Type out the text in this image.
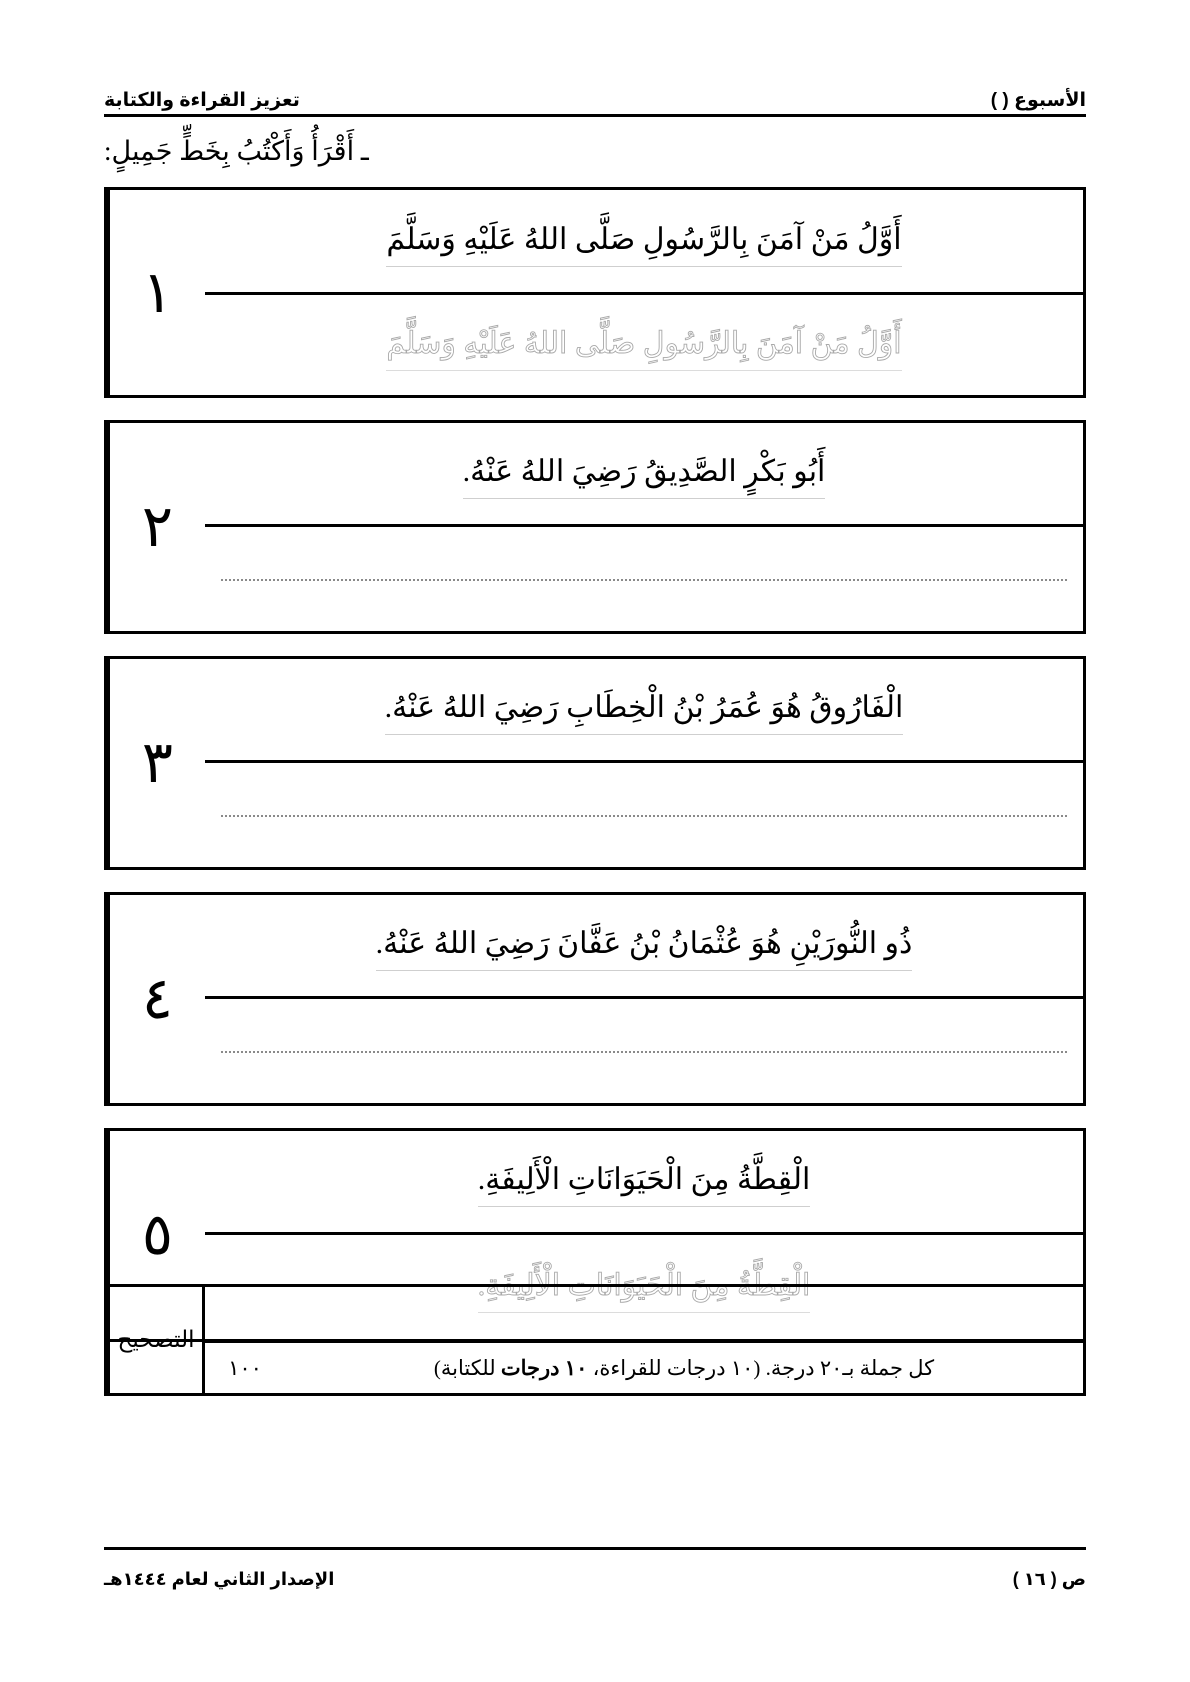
الأسبوع ( )
تعزيز القراءة والكتابة
ـ أَقْرَأُ وَأَكْتُبُ بِخَطٍّ جَمِيلٍ:
أَوَّلُ مَنْ آمَنَ بِالرَّسُولِ صَلَّى اللهُ عَلَيْهِ وَسَلَّمَ
أَوَّلُ مَنْ آمَنَ بِالرَّسُولِ صَلَّى اللهُ عَلَيْهِ وَسَلَّمَ
١
أَبُو بَكْرٍ الصَّدِيقُ رَضِيَ اللهُ عَنْهُ.
٢
الْفَارُوقُ هُوَ عُمَرُ بْنُ الْخِطَابِ رَضِيَ اللهُ عَنْهُ.
٣
ذُو النُّورَيْنِ هُوَ عُثْمَانُ بْنُ عَفَّانَ رَضِيَ اللهُ عَنْهُ.
٤
الْقِطَّةُ مِنَ الْحَيَوَانَاتِ الْأَلِيفَةِ.
الْقِطَّةُ مِنَ الْحَيَوَانَاتِ الْأَلِيفَةِ.
٥
كل جملة بـ٢٠ درجة. (١٠ درجات للقراءة، ١٠ درجات للكتابة)
١٠٠
التصحيح
ص ( ١٦ )
الإصدار الثاني لعام ١٤٤٤هـ
